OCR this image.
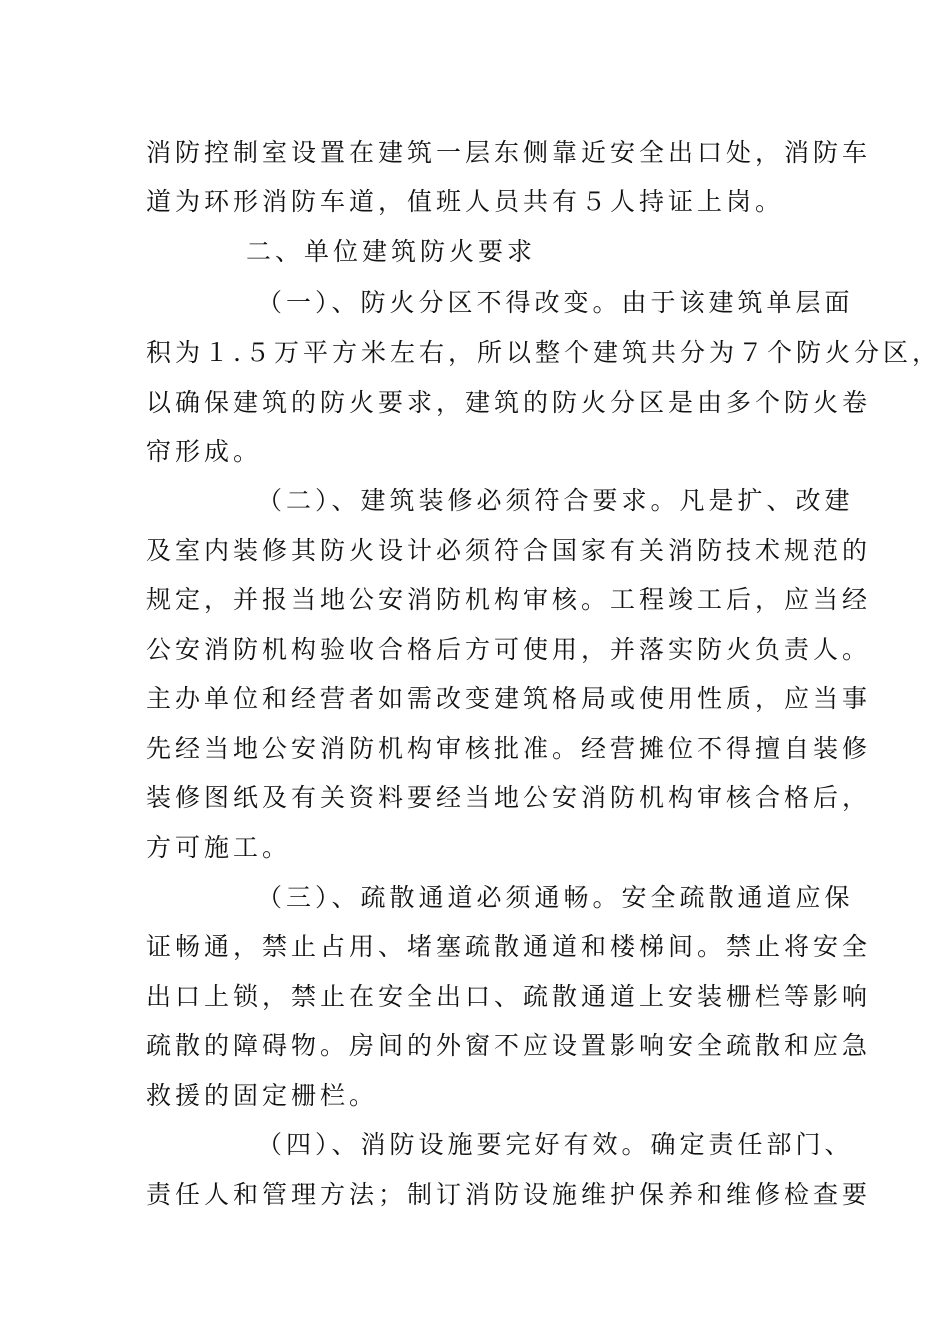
消防控制室设置在建筑一层东侧靠近安全出口处，消防车
道为环形消防车道，值班人员共有５人持证上岗。
二、单位建筑防火要求
（一）、防火分区不得改变。由于该建筑单层面
积为１.５万平方米左右，所以整个建筑共分为７个防火分区，
以确保建筑的防火要求，建筑的防火分区是由多个防火卷
帘形成。
（二）、建筑装修必须符合要求。凡是扩、改建
及室内装修其防火设计必须符合国家有关消防技术规范的
规定，并报当地公安消防机构审核。工程竣工后，应当经
公安消防机构验收合格后方可使用，并落实防火负责人。
主办单位和经营者如需改变建筑格局或使用性质，应当事
先经当地公安消防机构审核批准。经营摊位不得擅自装修
装修图纸及有关资料要经当地公安消防机构审核合格后，
方可施工。
（三）、疏散通道必须通畅。安全疏散通道应保
证畅通，禁止占用、堵塞疏散通道和楼梯间。禁止将安全
出口上锁，禁止在安全出口、疏散通道上安装栅栏等影响
疏散的障碍物。房间的外窗不应设置影响安全疏散和应急
救援的固定栅栏。
（四）、消防设施要完好有效。确定责任部门、
责任人和管理方法；制订消防设施维护保养和维修检查要
